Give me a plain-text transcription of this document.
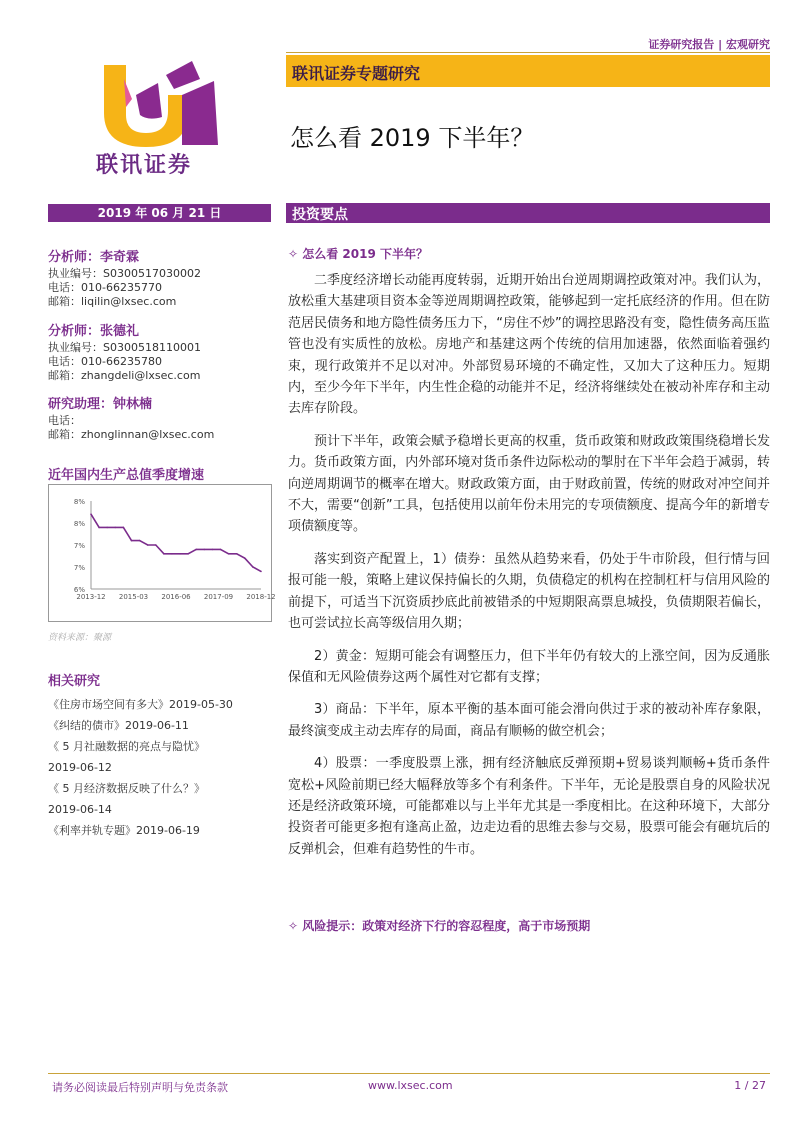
证券研究报告 | 宏观研究
联讯证券专题研究
怎么看 2019 下半年？
联讯证券
2019 年 06 月 21 日	投资要点
分析师：李奇霖
执业编号：S0300517030002
电话：010-66235770
邮箱：liqilin@lxsec.com
分析师：张德礼
执业编号：S0300518110001
电话：010-66235780
邮箱：zhangdeli@lxsec.com
研究助理：钟林楠
电话：
邮箱：zhonglinnan@lxsec.com
近年国内生产总值季度增速
8%
8%
7%
7%
6%
2013-12 2015-03 2016-06 2017-09 2018-12
资料来源：聚源
相关研究
《住房市场空间有多大》2019-05-30
《纠结的债市》2019-06-11
《 5 月社融数据的亮点与隐忧》
2019-06-12
《 5 月经济数据反映了什么？》
2019-06-14
《利率并轨专题》2019-06-19
✧ 怎么看 2019 下半年？

二季度经济增长动能再度转弱，近期开始出台逆周期调控政策对冲。我们认为，放松重大基建项目资本金等逆周期调控政策，能够起到一定托底经济的作用。但在防范居民债务和地方隐性债务压力下，“房住不炒”的调控思路没有变，隐性债务高压监管也没有实质性的放松。房地产和基建这两个传统的信用加速器，依然面临着强约束，现行政策并不足以对冲。外部贸易环境的不确定性，又加大了这种压力。短期内，至少今年下半年，内生性企稳的动能并不足，经济将继续处在被动补库存和主动去库存阶段。

预计下半年，政策会赋予稳增长更高的权重，货币政策和财政政策围绕稳增长发力。货币政策方面，内外部环境对货币条件边际松动的掣肘在下半年会趋于减弱，转向逆周期调节的概率在增大。财政政策方面，由于财政前置，传统的财政对冲空间并不大，需要“创新”工具，包括使用以前年份未用完的专项债额度、提高今年的新增专项债额度等。

落实到资产配置上，1）债券：虽然从趋势来看，仍处于牛市阶段，但行情与回报可能一般，策略上建议保持偏长的久期，负债稳定的机构在控制杠杆与信用风险的前提下，可适当下沉资质抄底此前被错杀的中短期限高票息城投，负债期限若偏长，也可尝试拉长高等级信用久期；

2）黄金：短期可能会有调整压力，但下半年仍有较大的上涨空间，因为反通胀保值和无风险债券这两个属性对它都有支撑；

3）商品：下半年，原本平衡的基本面可能会滑向供过于求的被动补库存象限，最终演变成主动去库存的局面，商品有顺畅的做空机会；

4）股票：一季度股票上涨，拥有经济触底反弹预期+贸易谈判顺畅+货币条件宽松+风险前期已经大幅释放等多个有利条件。下半年，无论是股票自身的风险状况还是经济政策环境，可能都难以与上半年尤其是一季度相比。在这种环境下，大部分投资者可能更多抱有逢高止盈，边走边看的思维去参与交易，股票可能会有砸坑后的反弹机会，但难有趋势性的牛市。

✧ 风险提示：政策对经济下行的容忍程度，高于市场预期
请务必阅读最后特别声明与免责条款	www.lxsec.com	1 / 27
